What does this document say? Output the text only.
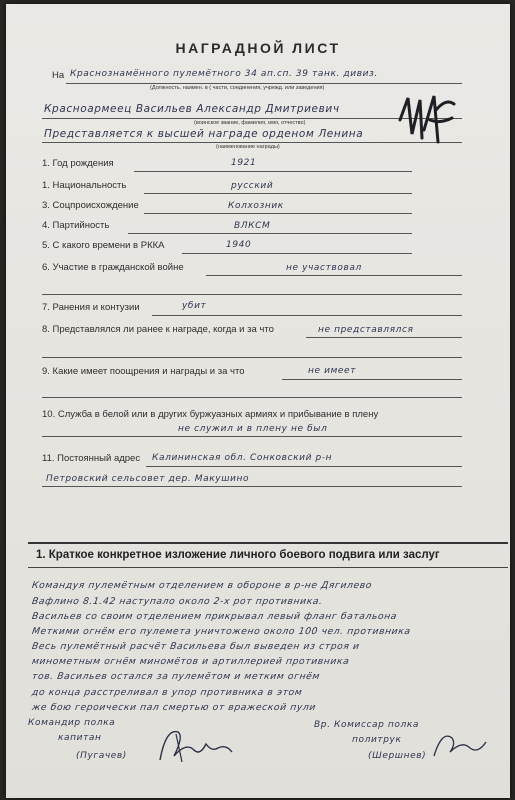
НАГРАДНОЙ ЛИСТ
На Краснознамённого пулемётного 34 ап.сп. 39 танк. дивиз.
(Должность, наимен. в ( части, соединения, учрежд. или заведения)
Красноармеец Васильев Александр Дмитриевич
(воинское звание, фамилия, имя, отчество)
Представляется к высшей награде орденом Ленина
(наименование награды)
1. Год рождения	1921
1. Национальность	русский
3. Соцпроисхождение	Колхозник
4. Партийность	ВЛКСМ
5. С какого времени в РККА	1940
6. Участие в гражданской войне	не участвовал
7. Ранения и контузии	убит
8. Представлялся ли ранее к награде, когда и за что	не представлялся
9. Какие имеет поощрения и награды и за что	не имеет
10. Служба в белой или в других буржуазных армиях и прибывание в плену
не служил и в плену не был
11. Постоянный адрес Калининская обл. Сонковский р-н
Петровский сельсовет дер. Макушино
1. Краткое конкретное изложение личного боевого подвига или заслуг
Командуя пулемётным отделением в обороне в р-не Дягилево
Вафлино 8.1.42 наступало около 2-х рот противника.
Васильев со своим отделением прикрывал левый фланг батальона
Меткими огнём его пулемета уничтожено около 100 чел. противника
Весь пулемётный расчёт Васильева был выведен из строя и
минометным огнём миномётов и артиллерией противника
тов. Васильев остался за пулемётом и метким огнём
до конца расстреливал в упор противника в этом
же бою героически пал смертью от вражеской пули
Командир полка
капитан
(Пугачев)
Вр. Комиссар полка
политрук
(Шершнев)
